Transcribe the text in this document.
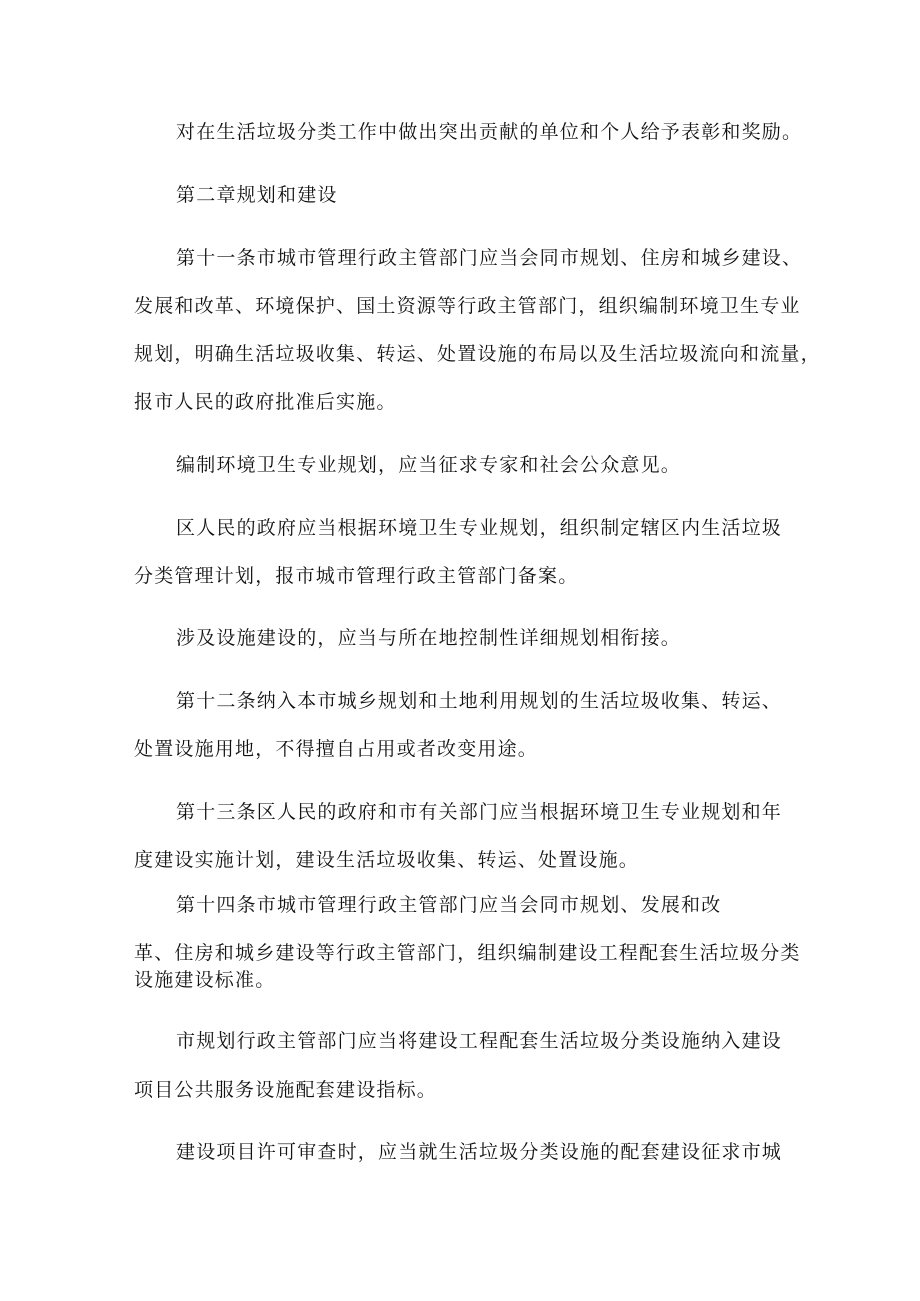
对在生活垃圾分类工作中做出突出贡献的单位和个人给予表彰和奖励。
第二章规划和建设
第十一条市城市管理行政主管部门应当会同市规划、住房和城乡建设、
发展和改革、环境保护、国土资源等行政主管部门，组织编制环境卫生专业
规划，明确生活垃圾收集、转运、处置设施的布局以及生活垃圾流向和流量，
报市人民的政府批准后实施。
编制环境卫生专业规划，应当征求专家和社会公众意见。
区人民的政府应当根据环境卫生专业规划，组织制定辖区内生活垃圾
分类管理计划，报市城市管理行政主管部门备案。
涉及设施建设的，应当与所在地控制性详细规划相衔接。
第十二条纳入本市城乡规划和土地利用规划的生活垃圾收集、转运、
处置设施用地，不得擅自占用或者改变用途。
第十三条区人民的政府和市有关部门应当根据环境卫生专业规划和年
度建设实施计划，建设生活垃圾收集、转运、处置设施。
第十四条市城市管理行政主管部门应当会同市规划、发展和改
革、住房和城乡建设等行政主管部门，组织编制建设工程配套生活垃圾分类
设施建设标准。
市规划行政主管部门应当将建设工程配套生活垃圾分类设施纳入建设
项目公共服务设施配套建设指标。
建设项目许可审查时，应当就生活垃圾分类设施的配套建设征求市城
